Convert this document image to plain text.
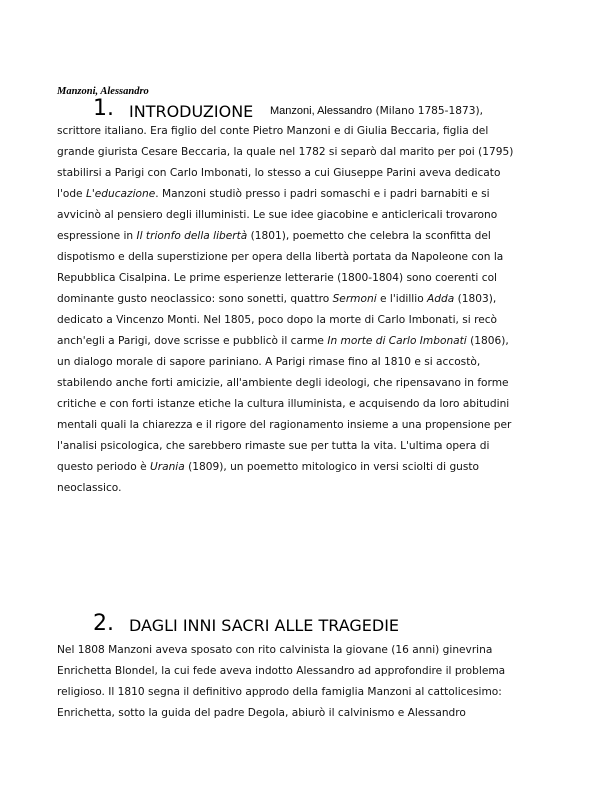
Manzoni, Alessandro
1. INTRODUZIONE Manzoni, Alessandro (Milano 1785-1873),

scrittore italiano. Era figlio del conte Pietro Manzoni e di Giulia Beccaria, figlia del

grande giurista Cesare Beccaria, la quale nel 1782 si separò dal marito per poi (1795)

stabilirsi a Parigi con Carlo Imbonati, lo stesso a cui Giuseppe Parini aveva dedicato

l'ode L'educazione. Manzoni studiò presso i padri somaschi e i padri barnabiti e si

avvicinò al pensiero degli illuministi. Le sue idee giacobine e anticlericali trovarono

espressione in Il trionfo della libertà (1801), poemetto che celebra la sconfitta del

dispotismo e della superstizione per opera della libertà portata da Napoleone con la

Repubblica Cisalpina. Le prime esperienze letterarie (1800-1804) sono coerenti col

dominante gusto neoclassico: sono sonetti, quattro Sermoni e l'idillio Adda (1803),

dedicato a Vincenzo Monti. Nel 1805, poco dopo la morte di Carlo Imbonati, si recò

anch'egli a Parigi, dove scrisse e pubblicò il carme In morte di Carlo Imbonati (1806),

un dialogo morale di sapore pariniano. A Parigi rimase fino al 1810 e si accostò,

stabilendo anche forti amicizie, all'ambiente degli ideologi, che ripensavano in forme

critiche e con forti istanze etiche la cultura illuminista, e acquisendo da loro abitudini

mentali quali la chiarezza e il rigore del ragionamento insieme a una propensione per

l'analisi psicologica, che sarebbero rimaste sue per tutta la vita. L'ultima opera di

questo periodo è Urania (1809), un poemetto mitologico in versi sciolti di gusto

neoclassico.

2. DAGLI INNI SACRI ALLE TRAGEDIE

Nel 1808 Manzoni aveva sposato con rito calvinista la giovane (16 anni) ginevrina

Enrichetta Blondel, la cui fede aveva indotto Alessandro ad approfondire il problema

religioso. Il 1810 segna il definitivo approdo della famiglia Manzoni al cattolicesimo:

Enrichetta, sotto la guida del padre Degola, abiurò il calvinismo e Alessandro
